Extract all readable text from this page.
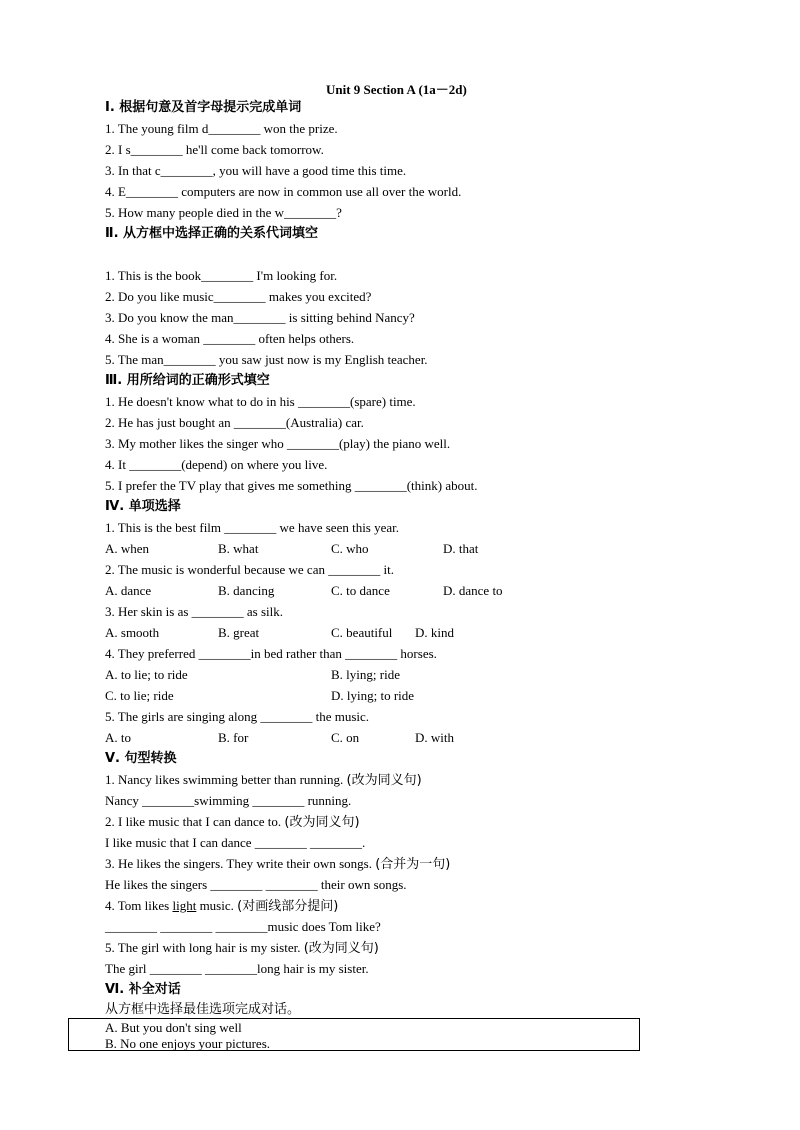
Unit 9 Section A (1a－2d)
Ⅰ. 根据句意及首字母提示完成单词
1. The young film d________ won the prize.
2. I s________ he'll come back tomorrow.
3. In that c________, you will have a good time this time.
4. E________ computers are now in common use all over the world.
5. How many people died in the w________?
Ⅱ. 从方框中选择正确的关系代词填空
1. This is the book________ I'm looking for.
2. Do you like music________ makes you excited?
3. Do you know the man________ is sitting behind Nancy?
4. She is a woman ________ often helps others.
5. The man________ you saw just now is my English teacher.
Ⅲ. 用所给词的正确形式填空
1. He doesn't know what to do in his ________(spare) time.
2. He has just bought an ________(Australia) car.
3. My mother likes the singer who ________(play) the piano well.
4. It ________(depend) on where you live.
5. I prefer the TV play that gives me something ________(think) about.
Ⅳ. 单项选择
1. This is the best film ________ we have seen this year.
A. when	B. what	C. who	D. that
2. The music is wonderful because we can ________ it.
A. dance	B. dancing	C. to dance	D. dance to
3. Her skin is as ________ as silk.
A. smooth	B. great	C. beautiful D. kind
4. They preferred ________in bed rather than ________ horses.
A. to lie; to ride	B. lying; ride
C. to lie; ride	D. lying; to ride
5. The girls are singing along ________ the music.
A. to	B. for	C. on	D. with
Ⅴ. 句型转换
1. Nancy likes swimming better than running. (改为同义句)
Nancy ________swimming ________ running.
2. I like music that I can dance to. (改为同义句)
I like music that I can dance ________ ________.
3. He likes the singers. They write their own songs. (合并为一句)
He likes the singers ________ ________ their own songs.
4. Tom likes light music. (对画线部分提问)
________ ________ ________music does Tom like?
5. The girl with long hair is my sister. (改为同义句)
The girl ________ ________long hair is my sister.
Ⅵ. 补全对话
从方框中选择最佳选项完成对话。
A. But you don't sing well
B. No one enjoys your pictures.
